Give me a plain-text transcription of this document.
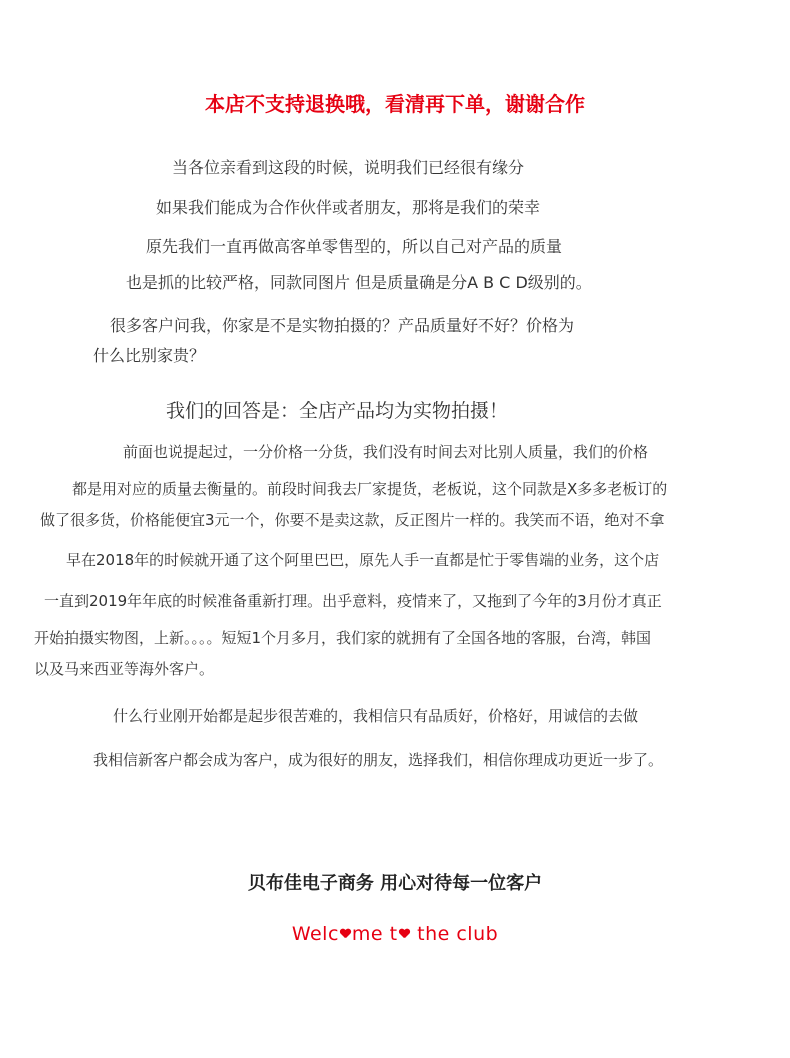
本店不支持退换哦，看清再下单，谢谢合作
当各位亲看到这段的时候，说明我们已经很有缘分
如果我们能成为合作伙伴或者朋友，那将是我们的荣幸
原先我们一直再做高客单零售型的，所以自己对产品的质量
也是抓的比较严格，同款同图片 但是质量确是分A B C D级别的。
很多客户问我，你家是不是实物拍摄的？产品质量好不好？价格为
什么比别家贵？
我们的回答是：全店产品均为实物拍摄！
前面也说提起过，一分价格一分货，我们没有时间去对比别人质量，我们的价格
都是用对应的质量去衡量的。前段时间我去厂家提货，老板说，这个同款是X多多老板订的
做了很多货，价格能便宜3元一个，你要不是卖这款，反正图片一样的。我笑而不语，绝对不拿
早在2018年的时候就开通了这个阿里巴巴，原先人手一直都是忙于零售端的业务，这个店
一直到2019年年底的时候准备重新打理。出乎意料，疫情来了，又拖到了今年的3月份才真正
开始拍摄实物图，上新。。。。短短1个月多月，我们家的就拥有了全国各地的客服，台湾，韩国
以及马来西亚等海外客户。
什么行业刚开始都是起步很苦难的，我相信只有品质好，价格好，用诚信的去做
我相信新客户都会成为客户，成为很好的朋友，选择我们，相信你理成功更近一步了。
贝布佳电子商务 用心对待每一位客户
Welc me t the club
